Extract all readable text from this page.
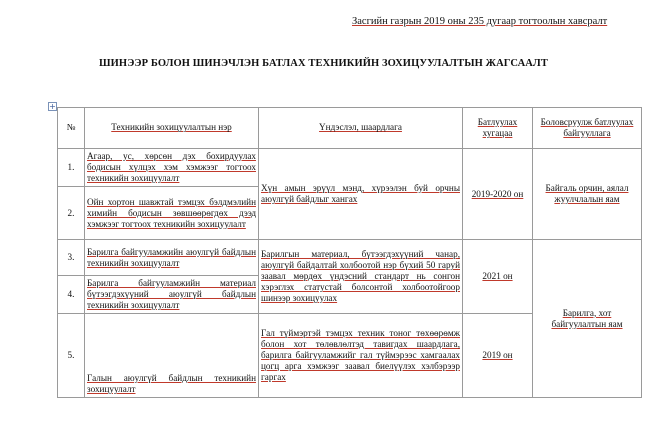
Засгийн газрын 2019 оны 235 дугаар тогтоолын хавсралт
ШИНЭЭР БОЛОН ШИНЭЧЛЭН БАТЛАХ ТЕХНИКИЙН ЗОХИЦУУЛАЛТЫН ЖАГСААЛТ
+
№	Техникийн зохицуулалтын нэр	Үндэслэл, шаардлага	Батлуулах хугацаа	Боловсруулж батлуулах байгууллага
1.	Агаар, ус, хөрсөн дэх бохирдуулах бодисын хүлцэх хэм хэмжээг тогтоох техникийн зохицуулалт	Хүн амын эрүүл мэнд, хүрээлэн буй орчны аюулгүй байдлыг хангах	2019-2020 он	Байгаль орчин, аялал жуулчлалын яам
2.	Ойн хортон шавжтай тэмцэх бэлдмэлийн химийн бодисын зөвшөөрөгдөх дээд хэмжээг тогтоох техникийн зохицуулалт			
3.	Барилга байгууламжийн аюулгүй байдлын техникийн зохицуулалт	Барилгын материал, бүтээгдэхүүний чанар, аюулгүй байдалтай холбоотой нэр бүхий 50 гаруй заавал мөрдөх үндэсний стандарт нь сонгон хэрэглэх статустай болсонтой холбоотойгоор шинээр зохицуулах	2021 он	Барилга, хот байгуулалтын яам
4.	Барилга байгууламжийн материал бүтээгдэхүүний аюулгүй байдлын техникийн зохицуулалт			
5.	Галын аюулгүй байдлын техникийн зохицуулалт	Гал түймэртэй тэмцэх техник тоног төхөөрөмж болон хот төлөвлөлтэд тавигдах шаардлага, барилга байгууламжийг гал түймэрээс хамгаалах цогц арга хэмжээг заавал биелүүлэх хэлбэрээр гаргах	2019 он	
